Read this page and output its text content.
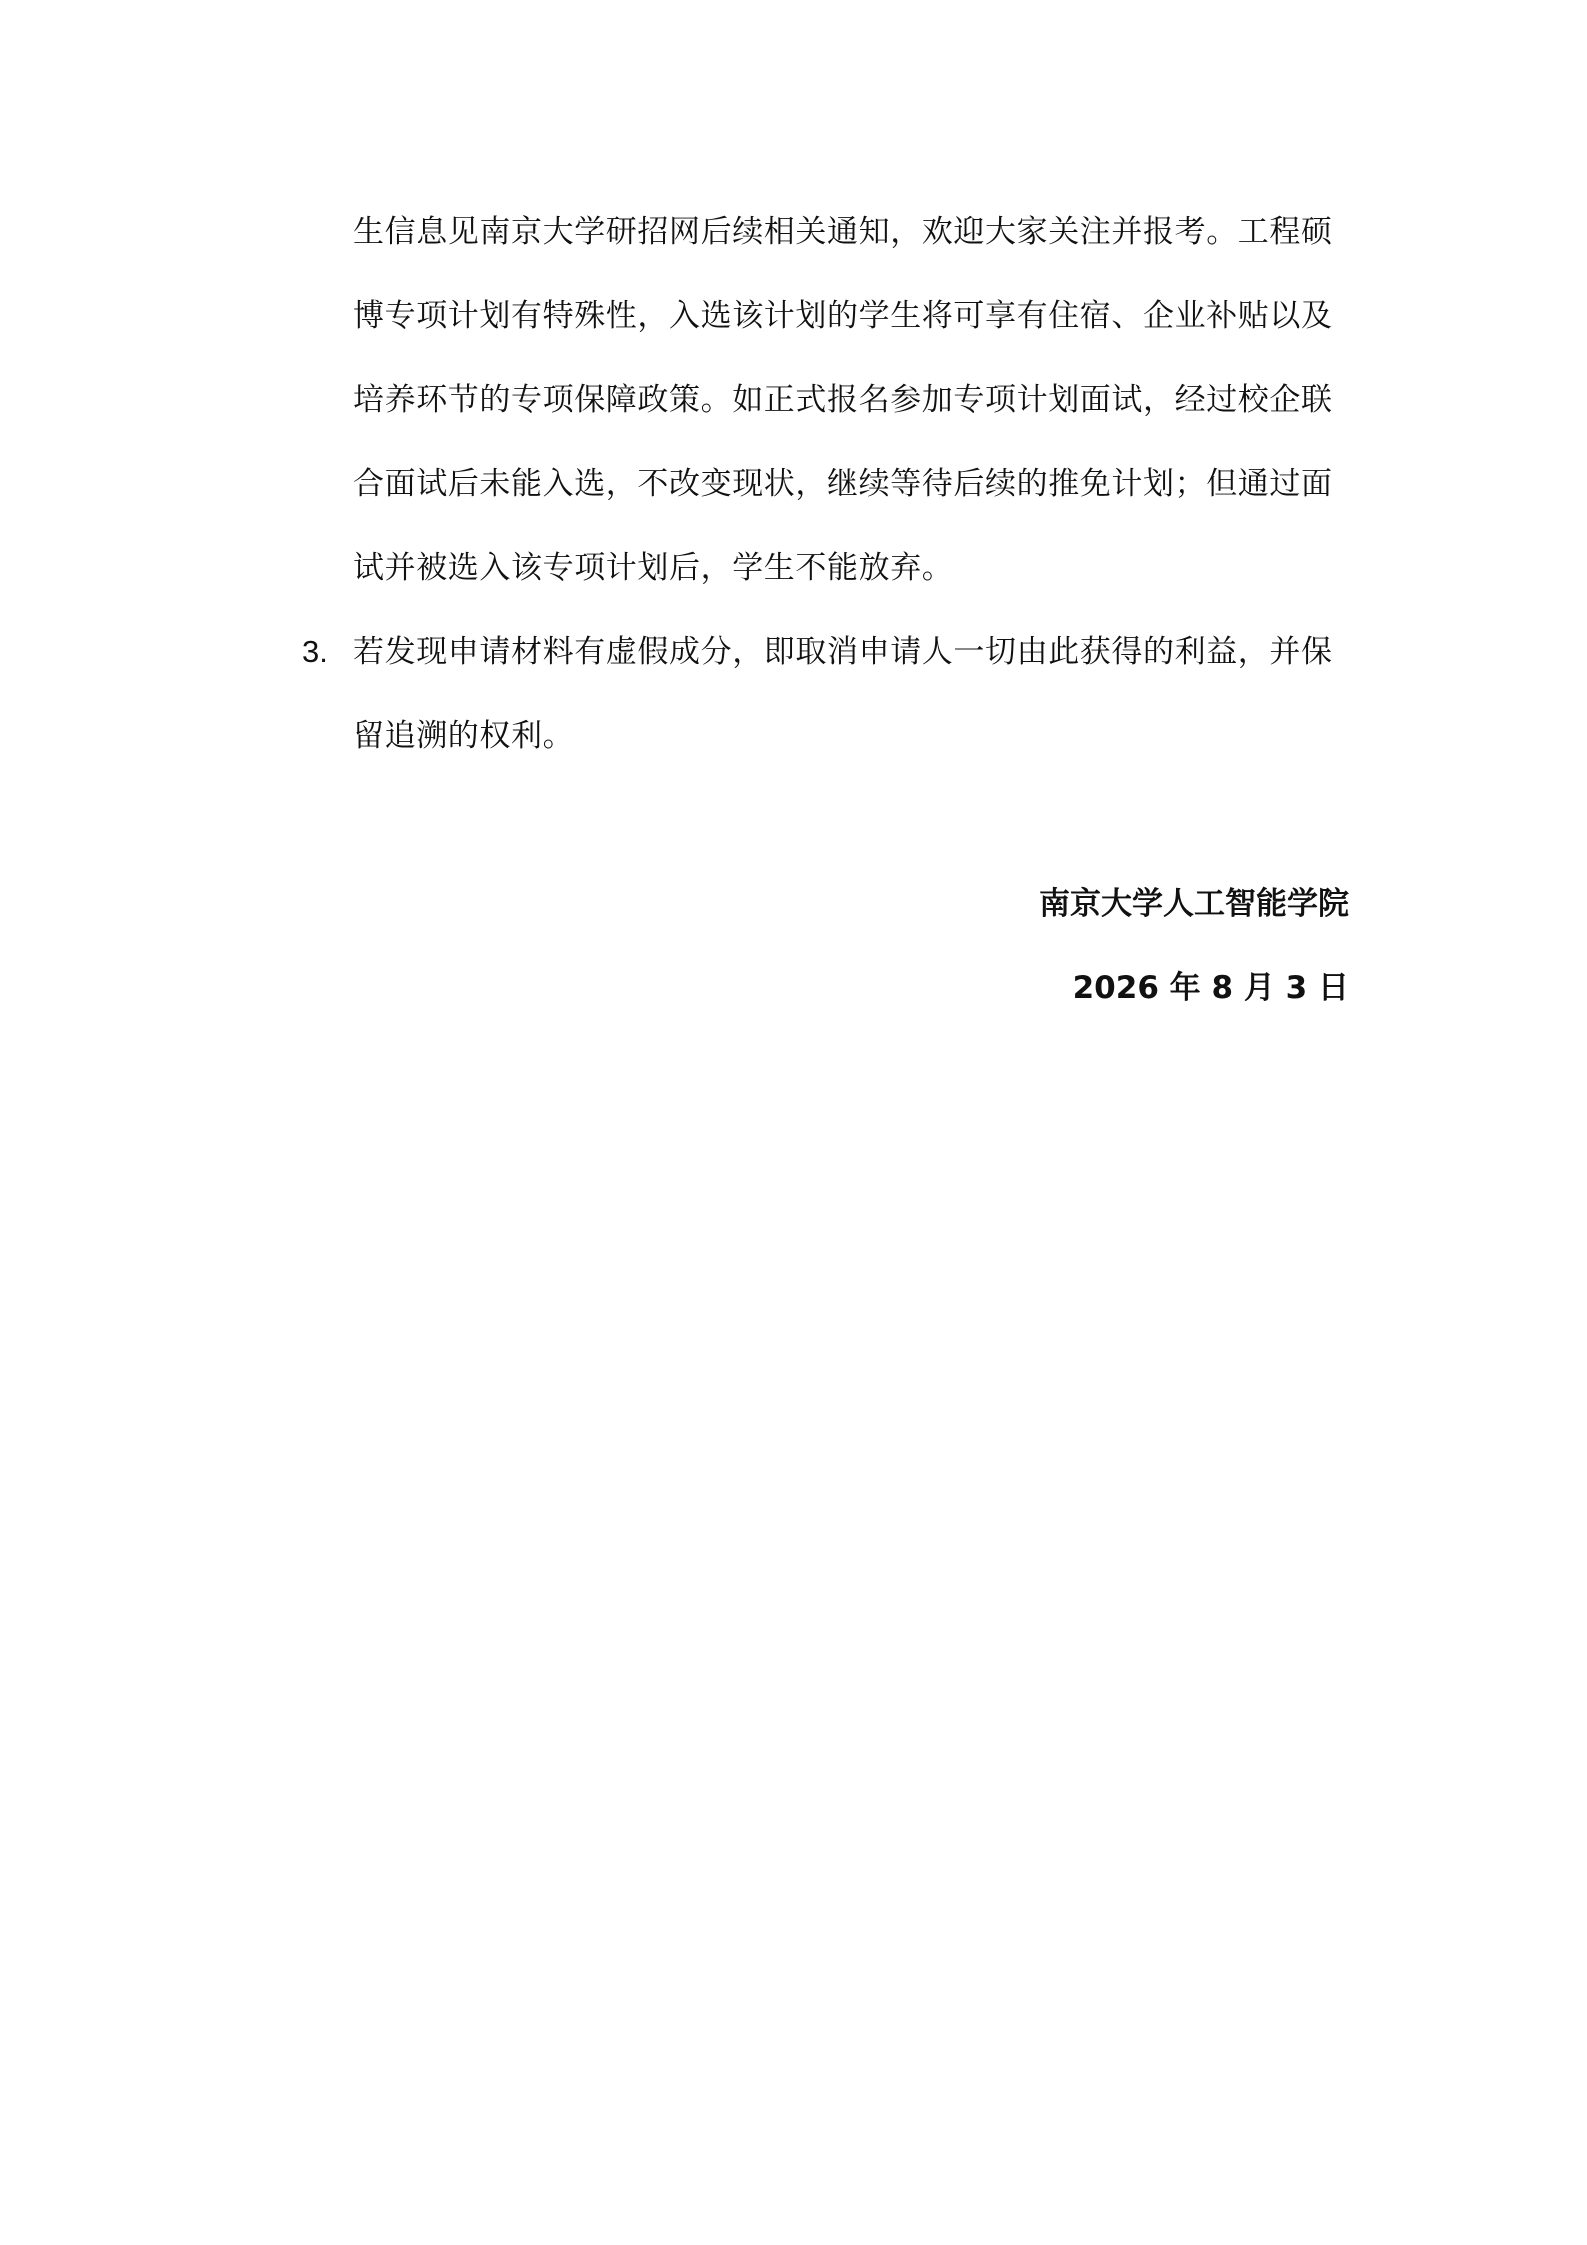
生信息见南京大学研招网后续相关通知，欢迎大家关注并报考。工程硕
博专项计划有特殊性，入选该计划的学生将可享有住宿、企业补贴以及
培养环节的专项保障政策。如正式报名参加专项计划面试，经过校企联
合面试后未能入选，不改变现状，继续等待后续的推免计划；但通过面
试并被选入该专项计划后，学生不能放弃。
3. 若发现申请材料有虚假成分，即取消申请人一切由此获得的利益，并保
留追溯的权利。
南京大学人工智能学院
2026 年 8 月 3 日
